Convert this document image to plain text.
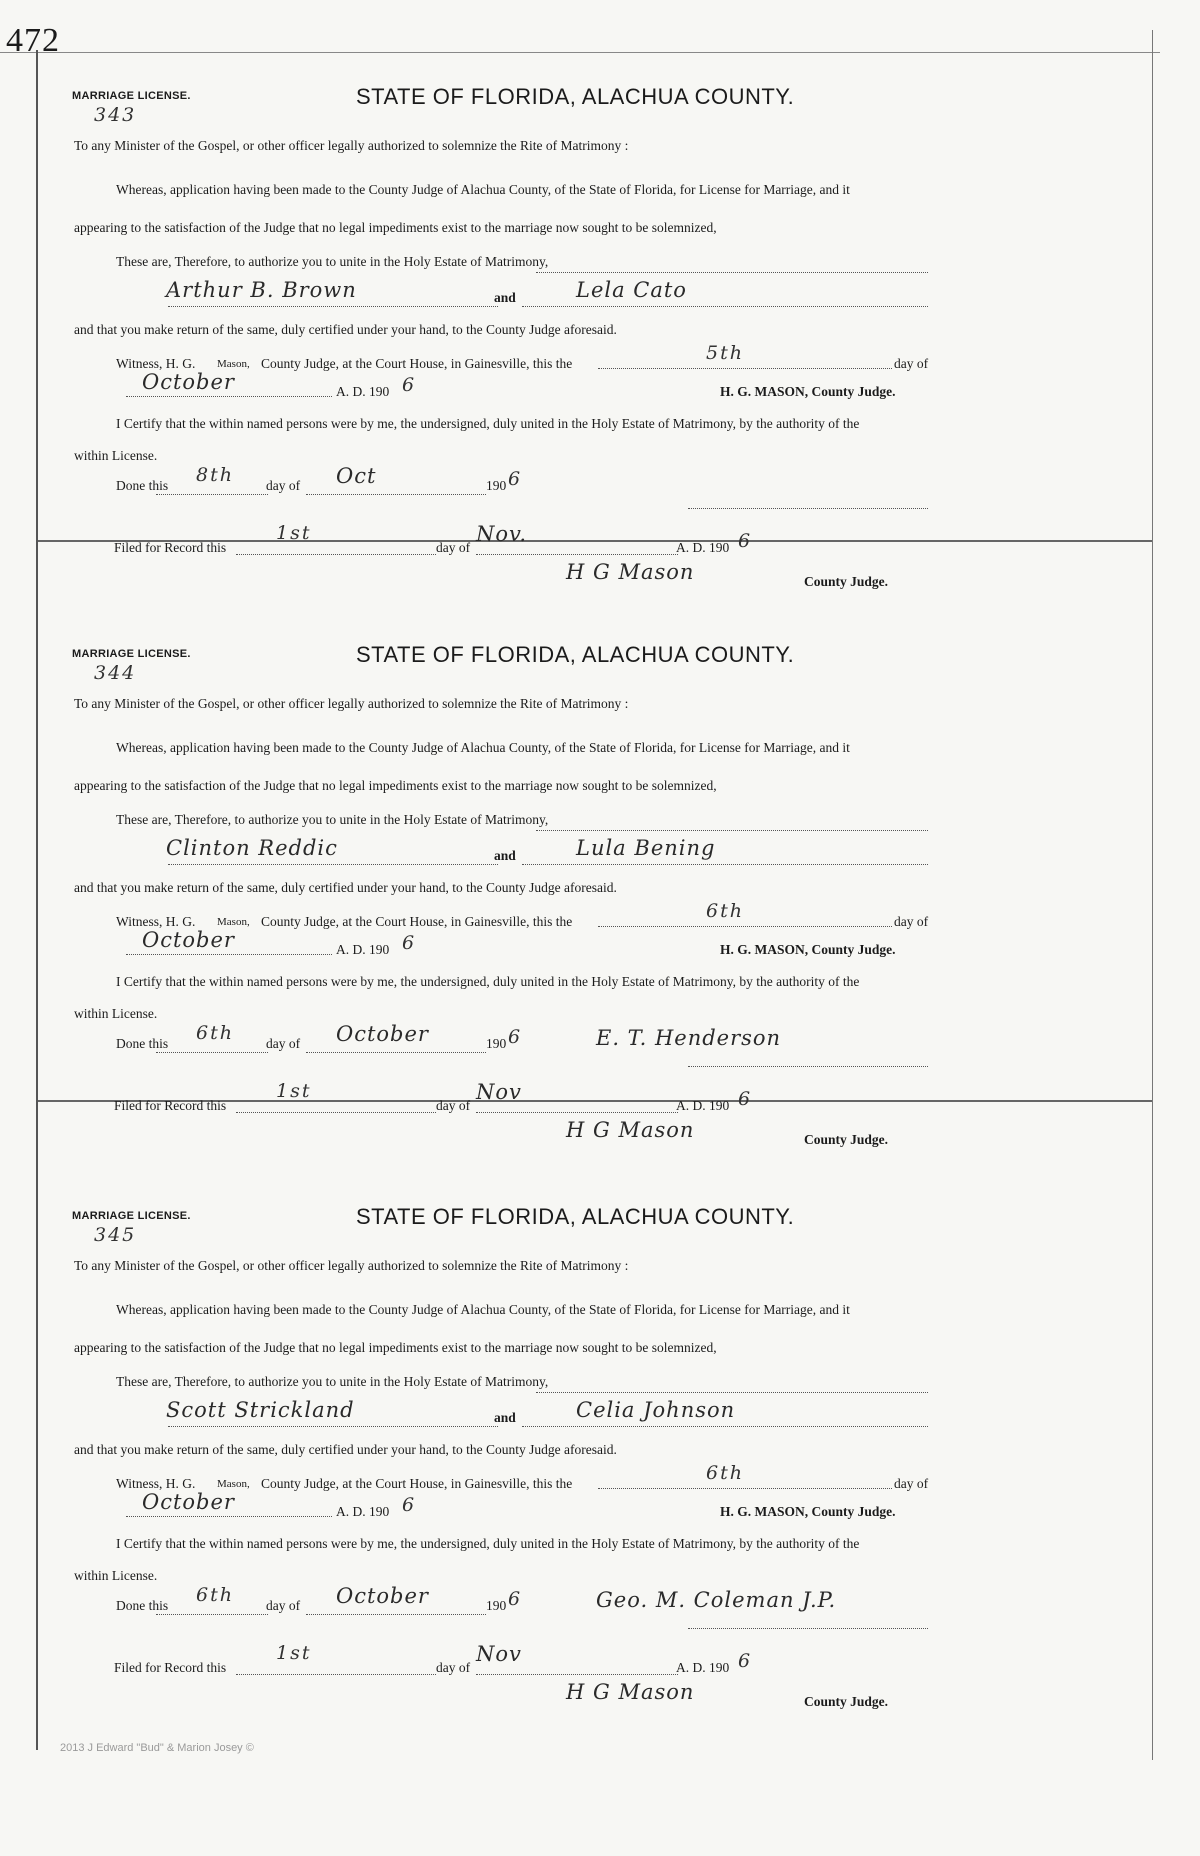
472
MARRIAGE LICENSE.
343
STATE OF FLORIDA, ALACHUA COUNTY.
To any Minister of the Gospel, or other officer legally authorized to solemnize the Rite of Matrimony :
Whereas, application having been made to the County Judge of Alachua County, of the State of Florida, for License for Marriage, and it
appearing to the satisfaction of the Judge that no legal impediments exist to the marriage now sought to be solemnized,
These are, Therefore, to authorize you to unite in the Holy Estate of Matrimony,
Arthur B. Brown	and	Lela Cato
and that you make return of the same, duly certified under your hand, to the County Judge aforesaid.
Witness, H. G. Mason, County Judge, at the Court House, in Gainesville, this the	5th	day of
October	A. D. 190 6	H. G. MASON, County Judge.
I Certify that the within named persons were by me, the undersigned, duly united in the Holy Estate of Matrimony, by the authority of the
within License.
Done this 8th day of Oct	190 6
Filed for Record this
1st
day of
Nov.
A. D. 190 6
H G Mason	County Judge.
MARRIAGE LICENSE.
344
STATE OF FLORIDA, ALACHUA COUNTY.
To any Minister of the Gospel, or other officer legally authorized to solemnize the Rite of Matrimony :
Whereas, application having been made to the County Judge of Alachua County, of the State of Florida, for License for Marriage, and it
appearing to the satisfaction of the Judge that no legal impediments exist to the marriage now sought to be solemnized,
These are, Therefore, to authorize you to unite in the Holy Estate of Matrimony,
Clinton Reddic	and	Lula Bening
and that you make return of the same, duly certified under your hand, to the County Judge aforesaid.
Witness, H. G. Mason, County Judge, at the Court House, in Gainesville, this the	6th	day of
October	A. D. 190 6	H. G. MASON, County Judge.
I Certify that the within named persons were by me, the undersigned, duly united in the Holy Estate of Matrimony, by the authority of the
within License.
Done this 6th day of October	190 6	E. T. Henderson
Filed for Record this
1st
day of
Nov
A. D. 190 6
H G Mason	County Judge.
MARRIAGE LICENSE.
345
STATE OF FLORIDA, ALACHUA COUNTY.
To any Minister of the Gospel, or other officer legally authorized to solemnize the Rite of Matrimony :
Whereas, application having been made to the County Judge of Alachua County, of the State of Florida, for License for Marriage, and it
appearing to the satisfaction of the Judge that no legal impediments exist to the marriage now sought to be solemnized,
These are, Therefore, to authorize you to unite in the Holy Estate of Matrimony,
Scott Strickland	and	Celia Johnson
and that you make return of the same, duly certified under your hand, to the County Judge aforesaid.
Witness, H. G. Mason, County Judge, at the Court House, in Gainesville, this the	6th	day of
October	A. D. 190 6	H. G. MASON, County Judge.
I Certify that the within named persons were by me, the undersigned, duly united in the Holy Estate of Matrimony, by the authority of the
within License.
Done this 6th day of October	190 6	Geo. M. Coleman J.P.
Filed for Record this
1st
day of
Nov
A. D. 190 6
H G Mason	County Judge.
2013 J Edward "Bud" & Marion Josey ©
